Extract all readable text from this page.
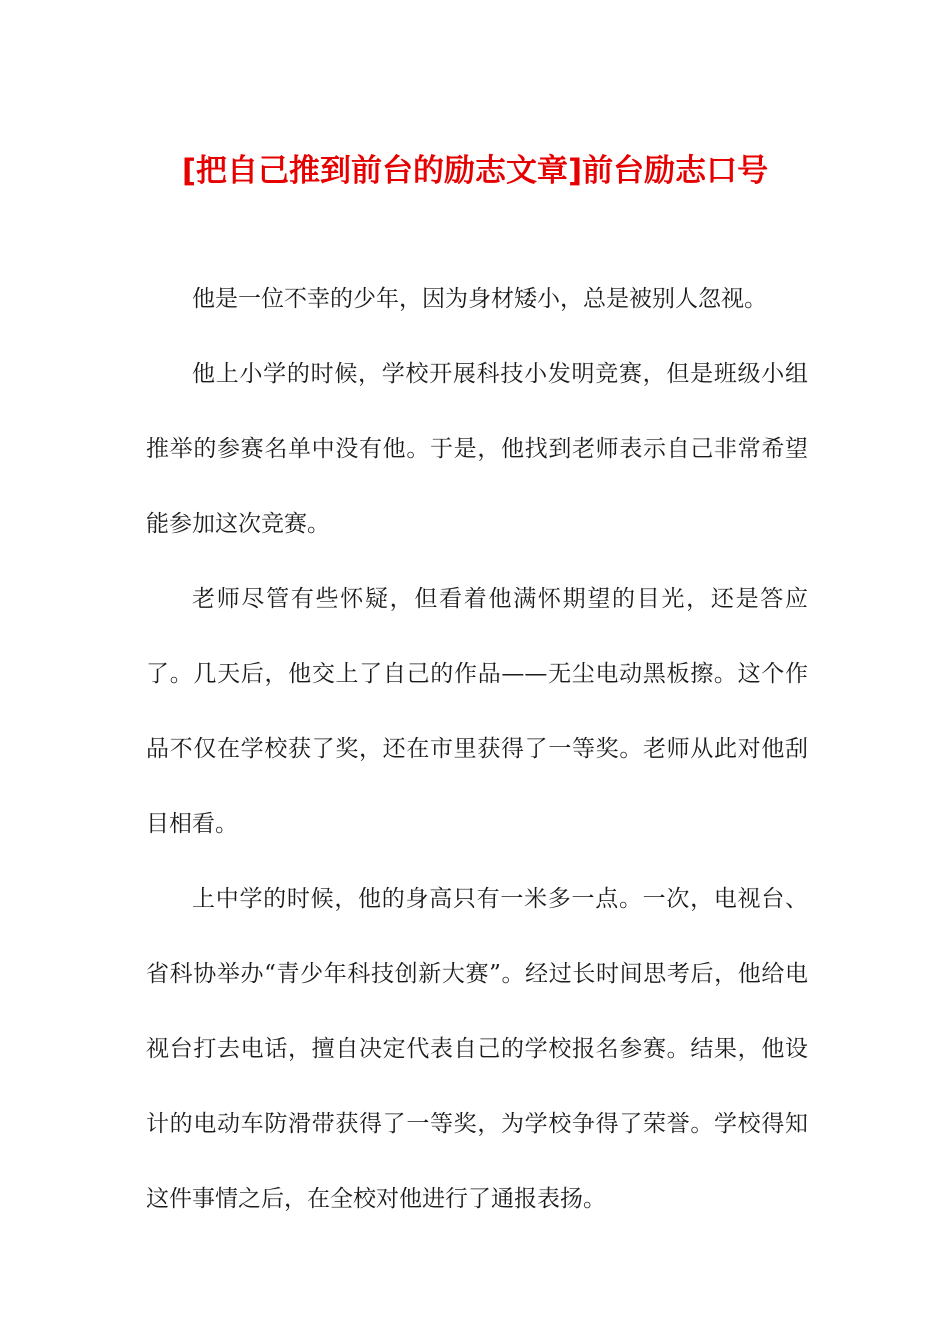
[把自己推到前台的励志文章]前台励志口号

他是一位不幸的少年，因为身材矮小，总是被别人忽视。

他上小学的时候，学校开展科技小发明竞赛，但是班级小组推举的参赛名单中没有他。于是，他找到老师表示自己非常希望能参加这次竞赛。

老师尽管有些怀疑，但看着他满怀期望的目光，还是答应了。几天后，他交上了自己的作品——无尘电动黑板擦。这个作品不仅在学校获了奖，还在市里获得了一等奖。老师从此对他刮目相看。

上中学的时候，他的身高只有一米多一点。一次，电视台、省科协举办“青少年科技创新大赛”。经过长时间思考后，他给电视台打去电话，擅自决定代表自己的学校报名参赛。结果，他设计的电动车防滑带获得了一等奖，为学校争得了荣誉。学校得知这件事情之后，在全校对他进行了通报表扬。
